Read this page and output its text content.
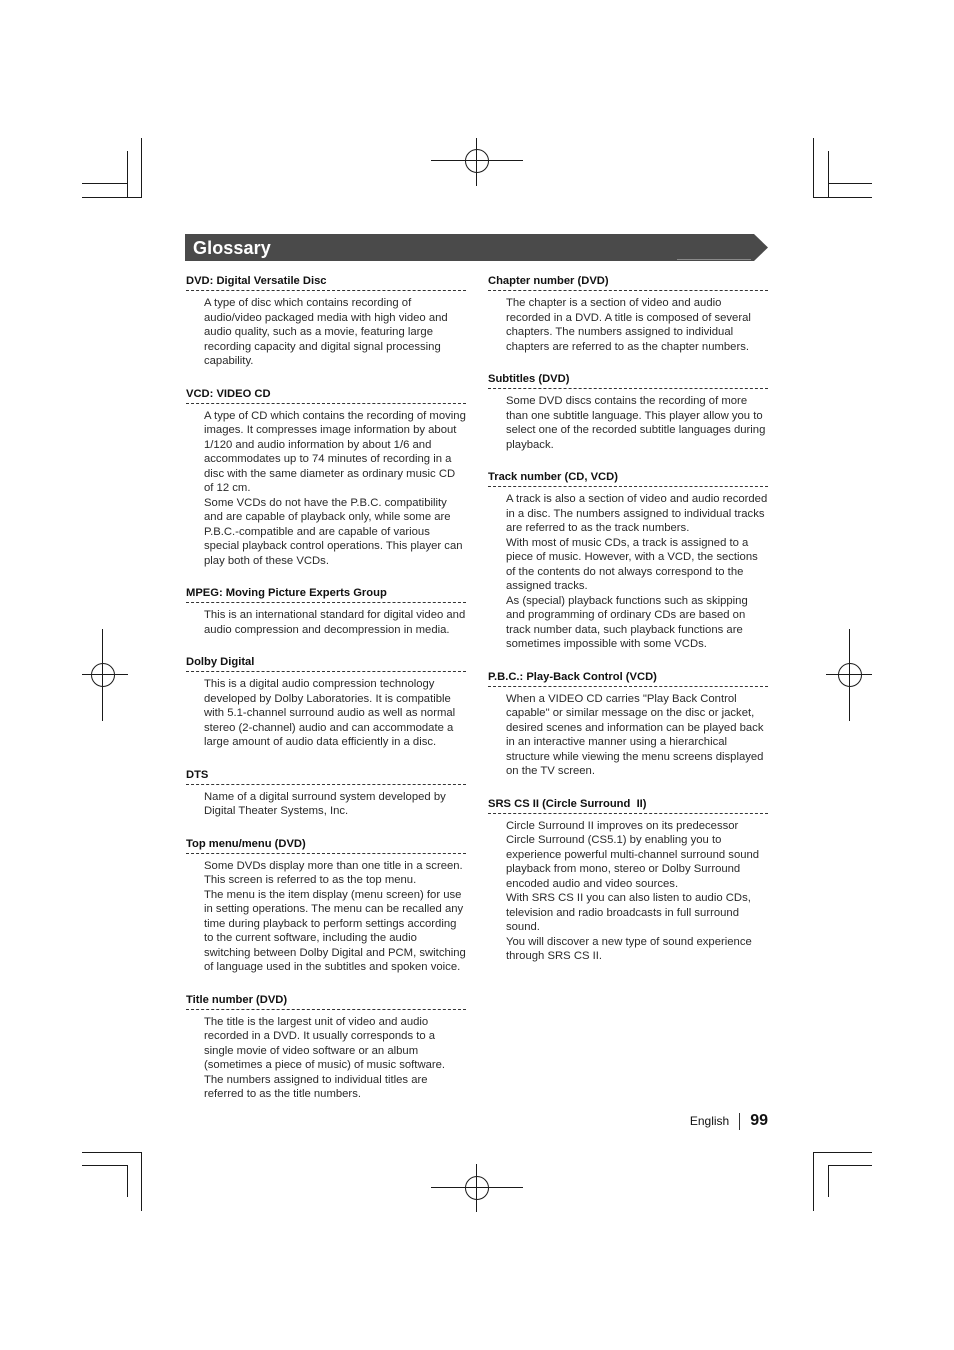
Glossary
DVD: Digital Versatile Disc

A type of disc which contains recording of audio/video packaged media with high video and audio quality, such as a movie, featuring large recording capacity and digital signal processing capability.

VCD: VIDEO CD

A type of CD which contains the recording of moving images. It compresses image information by about 1/120 and audio information by about 1/6 and accommodates up to 74 minutes of recording in a disc with the same diameter as ordinary music CD of 12 cm.

Some VCDs do not have the P.B.C. compatibility and are capable of playback only, while some are P.B.C.-compatible and are capable of various special playback control operations. This player can play both of these VCDs.

MPEG: Moving Picture Experts Group

This is an international standard for digital video and audio compression and decompression in media.

Dolby Digital

This is a digital audio compression technology developed by Dolby Laboratories. It is compatible with 5.1-channel surround audio as well as normal stereo (2-channel) audio and can accommodate a large amount of audio data efficiently in a disc.

DTS

Name of a digital surround system developed by Digital Theater Systems, Inc.

Top menu/menu (DVD)

Some DVDs display more than one title in a screen. This screen is referred to as the top menu.

The menu is the item display (menu screen) for use in setting operations. The menu can be recalled any time during playback to perform settings according to the current software, including the audio switching between Dolby Digital and PCM, switching of language used in the subtitles and spoken voice.

Title number (DVD)

The title is the largest unit of video and audio recorded in a DVD. It usually corresponds to a single movie of video software or an album (sometimes a piece of music) of music software. The numbers assigned to individual titles are referred to as the title numbers.

Chapter number (DVD)

The chapter is a section of video and audio recorded in a DVD. A title is composed of several chapters. The numbers assigned to individual chapters are referred to as the chapter numbers.

Subtitles (DVD)

Some DVD discs contains the recording of more than one subtitle language. This player allow you to select one of the recorded subtitle languages during playback.

Track number (CD, VCD)

A track is also a section of video and audio recorded in a disc. The numbers assigned to individual tracks are referred to as the track numbers.

With most of music CDs, a track is assigned to a piece of music. However, with a VCD, the sections of the contents do not always correspond to the assigned tracks.

As (special) playback functions such as skipping and programming of ordinary CDs are based on track number data, such playback functions are sometimes impossible with some VCDs.

P.B.C.: Play-Back Control (VCD)

When a VIDEO CD carries "Play Back Control capable" or similar message on the disc or jacket, desired scenes and information can be played back in an interactive manner using a hierarchical structure while viewing the menu screens displayed on the TV screen.

SRS CS II (Circle Surround  II)

Circle Surround II improves on its predecessor Circle Surround (CS5.1) by enabling you to experience powerful multi-channel surround sound playback from mono, stereo or Dolby Surround encoded audio and video sources.

With SRS CS II you can also listen to audio CDs, television and radio broadcasts in full surround sound.

You will discover a new type of sound experience through SRS CS II.

English 99
